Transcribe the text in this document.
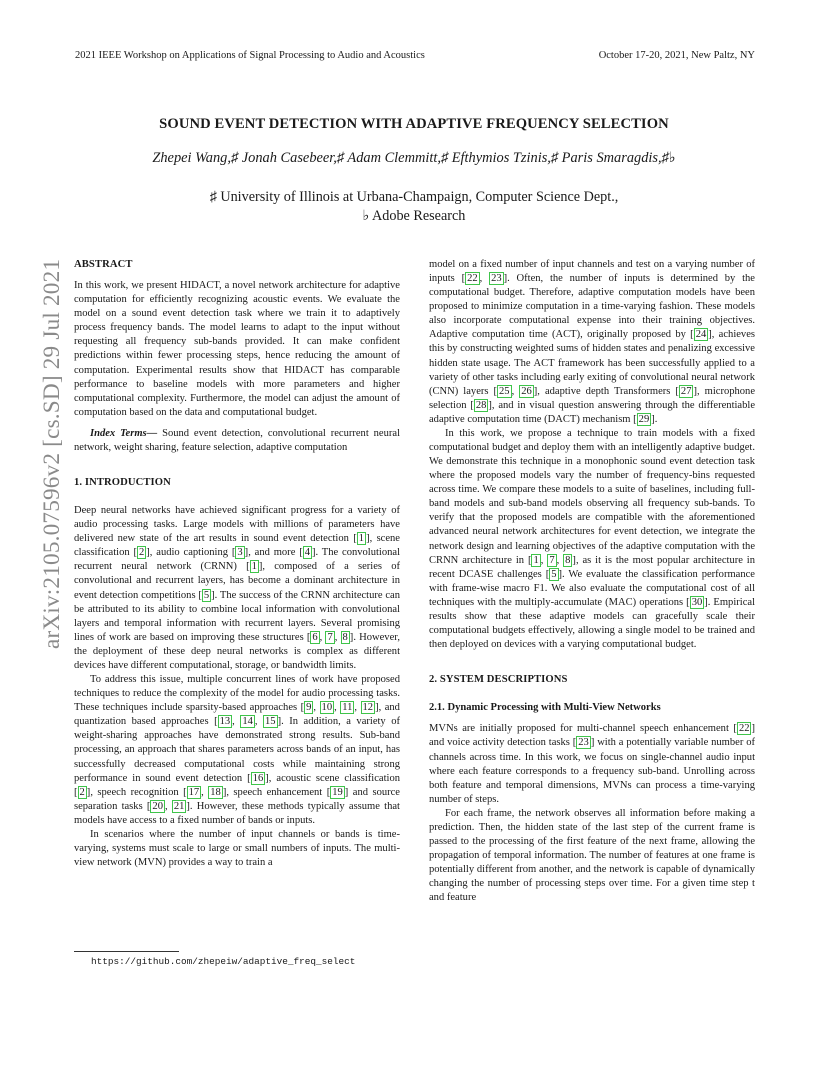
2021 IEEE Workshop on Applications of Signal Processing to Audio and Acoustics	October 17-20, 2021, New Paltz, NY
SOUND EVENT DETECTION WITH ADAPTIVE FREQUENCY SELECTION
Zhepei Wang,♯ Jonah Casebeer,♯ Adam Clemmitt,♯ Efthymios Tzinis,♯ Paris Smaragdis,♯♭
♯ University of Illinois at Urbana-Champaign, Computer Science Dept.,
♭ Adobe Research
arXiv:2105.07596v2 [cs.SD] 29 Jul 2021 ABSTRACT

In this work, we present HIDACT, a novel network architecture for adaptive computation for efficiently recognizing acoustic events. We evaluate the model on a sound event detection task where we train it to adaptively process frequency bands. The model learns to adapt to the input without requesting all frequency sub-bands provided. It can make confident predictions within fewer processing steps, hence reducing the amount of computation. Experimental results show that HIDACT has comparable performance to baseline models with more parameters and higher computational complexity. Furthermore, the model can adjust the amount of computation based on the data and computational budget.

Index Terms— Sound event detection, convolutional recurrent neural network, weight sharing, feature selection, adaptive computation

1. INTRODUCTION

Deep neural networks have achieved significant progress for a variety of audio processing tasks. Large models with millions of parameters have delivered new state of the art results in sound event detection [ 1 ], scene classification [ 2 ], audio captioning [ 3 ], and more [ 4 ]. The convolutional recurrent neural network (CRNN) [ 1 ], composed of a series of convolutional and recurrent layers, has become a dominant architecture in event detection competitions [ 5 ]. The success of the CRNN architecture can be attributed to its ability to combine local information with convolutional layers and temporal information with recurrent layers. Several promising lines of work are based on improving these structures [ 6 , 7 , 8 ]. However, the deployment of these deep neural networks is complex as different devices have different computational, storage, or bandwidth limits.

To address this issue, multiple concurrent lines of work have proposed techniques to reduce the complexity of the model for audio processing tasks. These techniques include sparsity-based approaches [ 9 , 10 , 11 , 12 ], and quantization based approaches [ 13 , 14 , 15 ]. In addition, a variety of weight-sharing approaches have demonstrated strong results. Sub-band processing, an approach that shares parameters across bands of an input, has successfully decreased computational costs while maintaining strong performance in sound event detection [ 16 ], acoustic scene classification [ 2 ], speech recognition [ 17 , 18 ], speech enhancement [ 19 ] and source separation tasks [ 20 , 21 ]. However, these methods typically assume that models have access to a fixed number of bands or inputs.

In scenarios where the number of input channels or bands is time-varying, systems must scale to large or small numbers of inputs. The multi-view network (MVN) provides a way to train a

model on a fixed number of input channels and test on a varying number of inputs [ 22 , 23 ]. Often, the number of inputs is determined by the computational budget. Therefore, adaptive computation models have been proposed to minimize computation in a time-varying fashion. These models also incorporate computational expense into their training objectives. Adaptive computation time (ACT), originally proposed by [ 24 ], achieves this by constructing weighted sums of hidden states and penalizing excessive hidden state usage. The ACT framework has been successfully applied to a variety of other tasks including early exiting of convolutional neural network (CNN) layers [ 25 , 26 ], adaptive depth Transformers [ 27 ], microphone selection [ 28 ], and in visual question answering through the differentiable adaptive computation time (DACT) mechanism [ 29 ].

In this work, we propose a technique to train models with a fixed computational budget and deploy them with an intelligently adaptive budget. We demonstrate this technique in a monophonic sound event detection task where the proposed models vary the number of frequency-bins requested across time. We compare these models to a suite of baselines, including full-band models and sub-band models observing all frequency sub-bands. To verify that the proposed models are compatible with the aforementioned advanced neural network architectures for event detection, we integrate the network design and learning objectives of the adaptive computation with the CRNN architecture in [ 1 , 7 , 8 ], as it is the most popular architecture in recent DCASE challenges [ 5 ]. We evaluate the classification performance with frame-wise macro F1. We also evaluate the computational cost of all techniques with the multiply-accumulate (MAC) operations [ 30 ]. Empirical results show that these adaptive models can gracefully scale their computational budgets effectively, allowing a single model to be trained and then deployed on devices with a varying computational budget.

2. SYSTEM DESCRIPTIONS

2.1. Dynamic Processing with Multi-View Networks

MVNs are initially proposed for multi-channel speech enhancement [ 22 ] and voice activity detection tasks [ 23 ] with a potentially variable number of channels across time. In this work, we focus on single-channel audio input where each feature corresponds to a frequency sub-band. Unrolling across both feature and temporal dimensions, MVNs can process a time-varying number of steps.

For each frame, the network observes all information before making a prediction. Then, the hidden state of the last step of the current frame is passed to the processing of the first feature of the next frame, allowing the propagation of temporal information. The number of features at one frame is potentially different from another, and the network is capable of dynamically changing the number of processing steps over time. For a given time step t and feature

https://github.com/zhepeiw/adaptive_freq_select
